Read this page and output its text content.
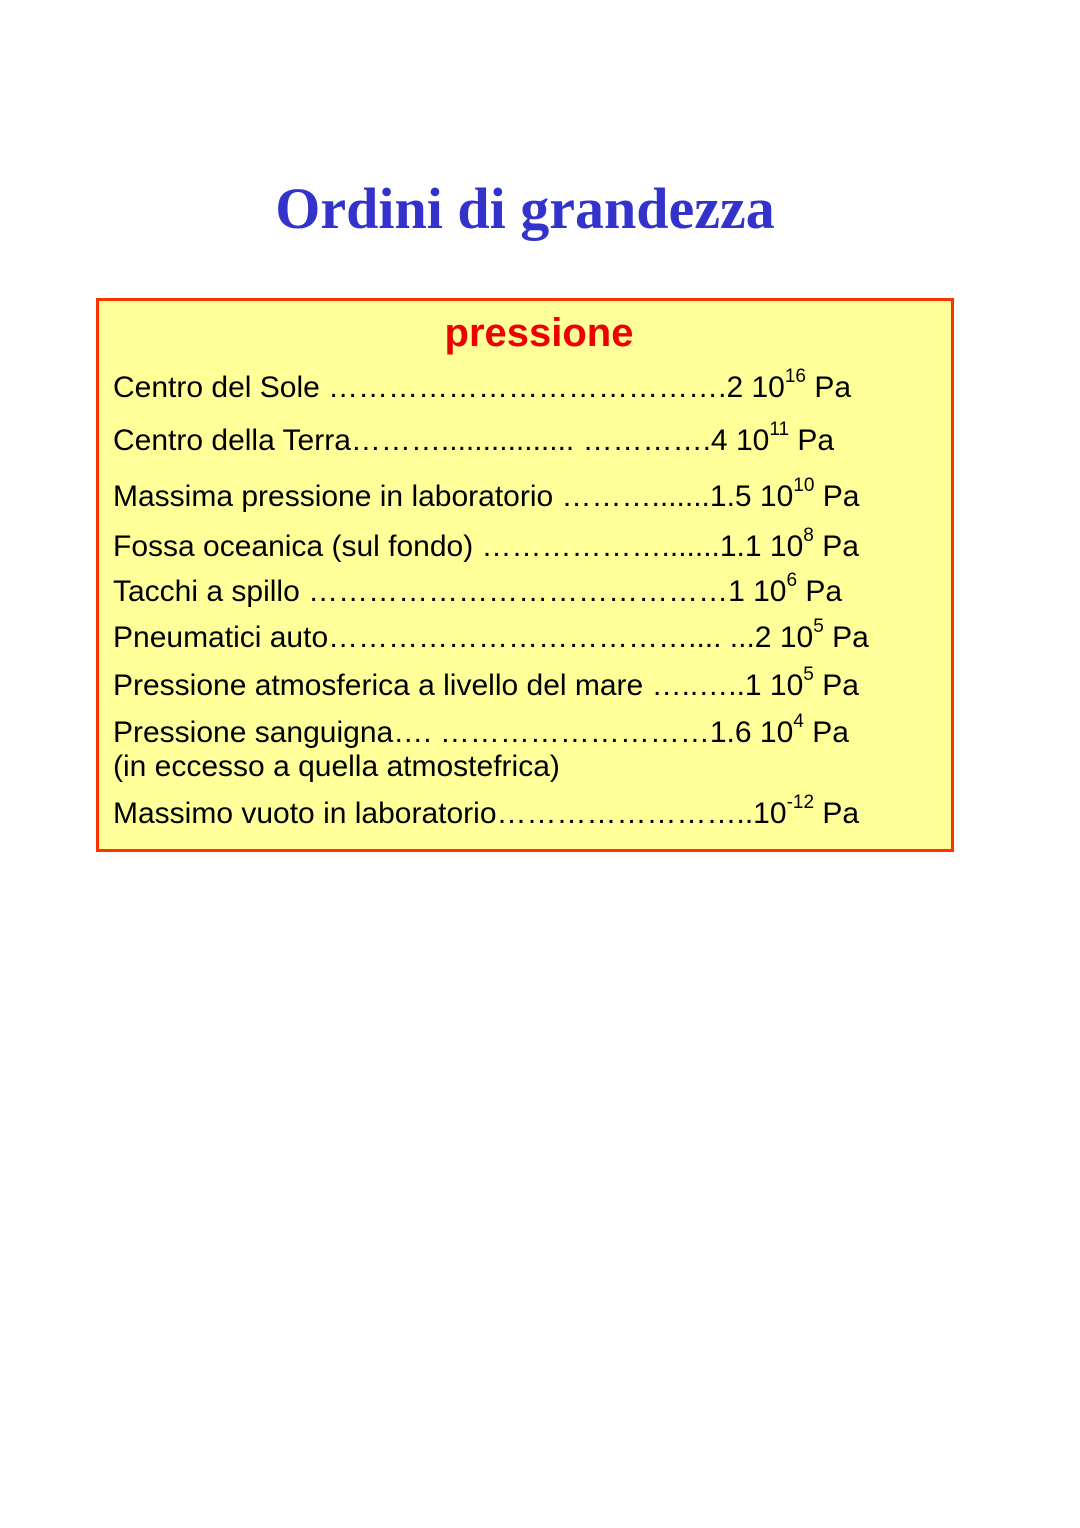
Ordini di grandezza
pressione
Centro del Sole ………………………………….2 $10^{16}$ Pa
Centro della Terra………................ ………….4 $10^{11}$ Pa
Massima pressione in laboratorio ……….......1.5 $10^{10}$ Pa
Fossa oceanica (sul fondo) ……………….......1.1 $10^8$ Pa
Tacchi a spillo ……………………………………1 $10^6$ Pa
Pneumatici auto……………………………….... ...2 $10^5$ Pa
Pressione atmosferica a livello del mare …..…..1 $10^5$ Pa
Pressione sanguigna…. ………………………1.6 $10^4$ Pa
(in eccesso a quella atmostefrica)
Massimo vuoto in $laboratorio\dots\dots\dots\dots\dots\dots\dots\dots..10^{-12}$ Pa
